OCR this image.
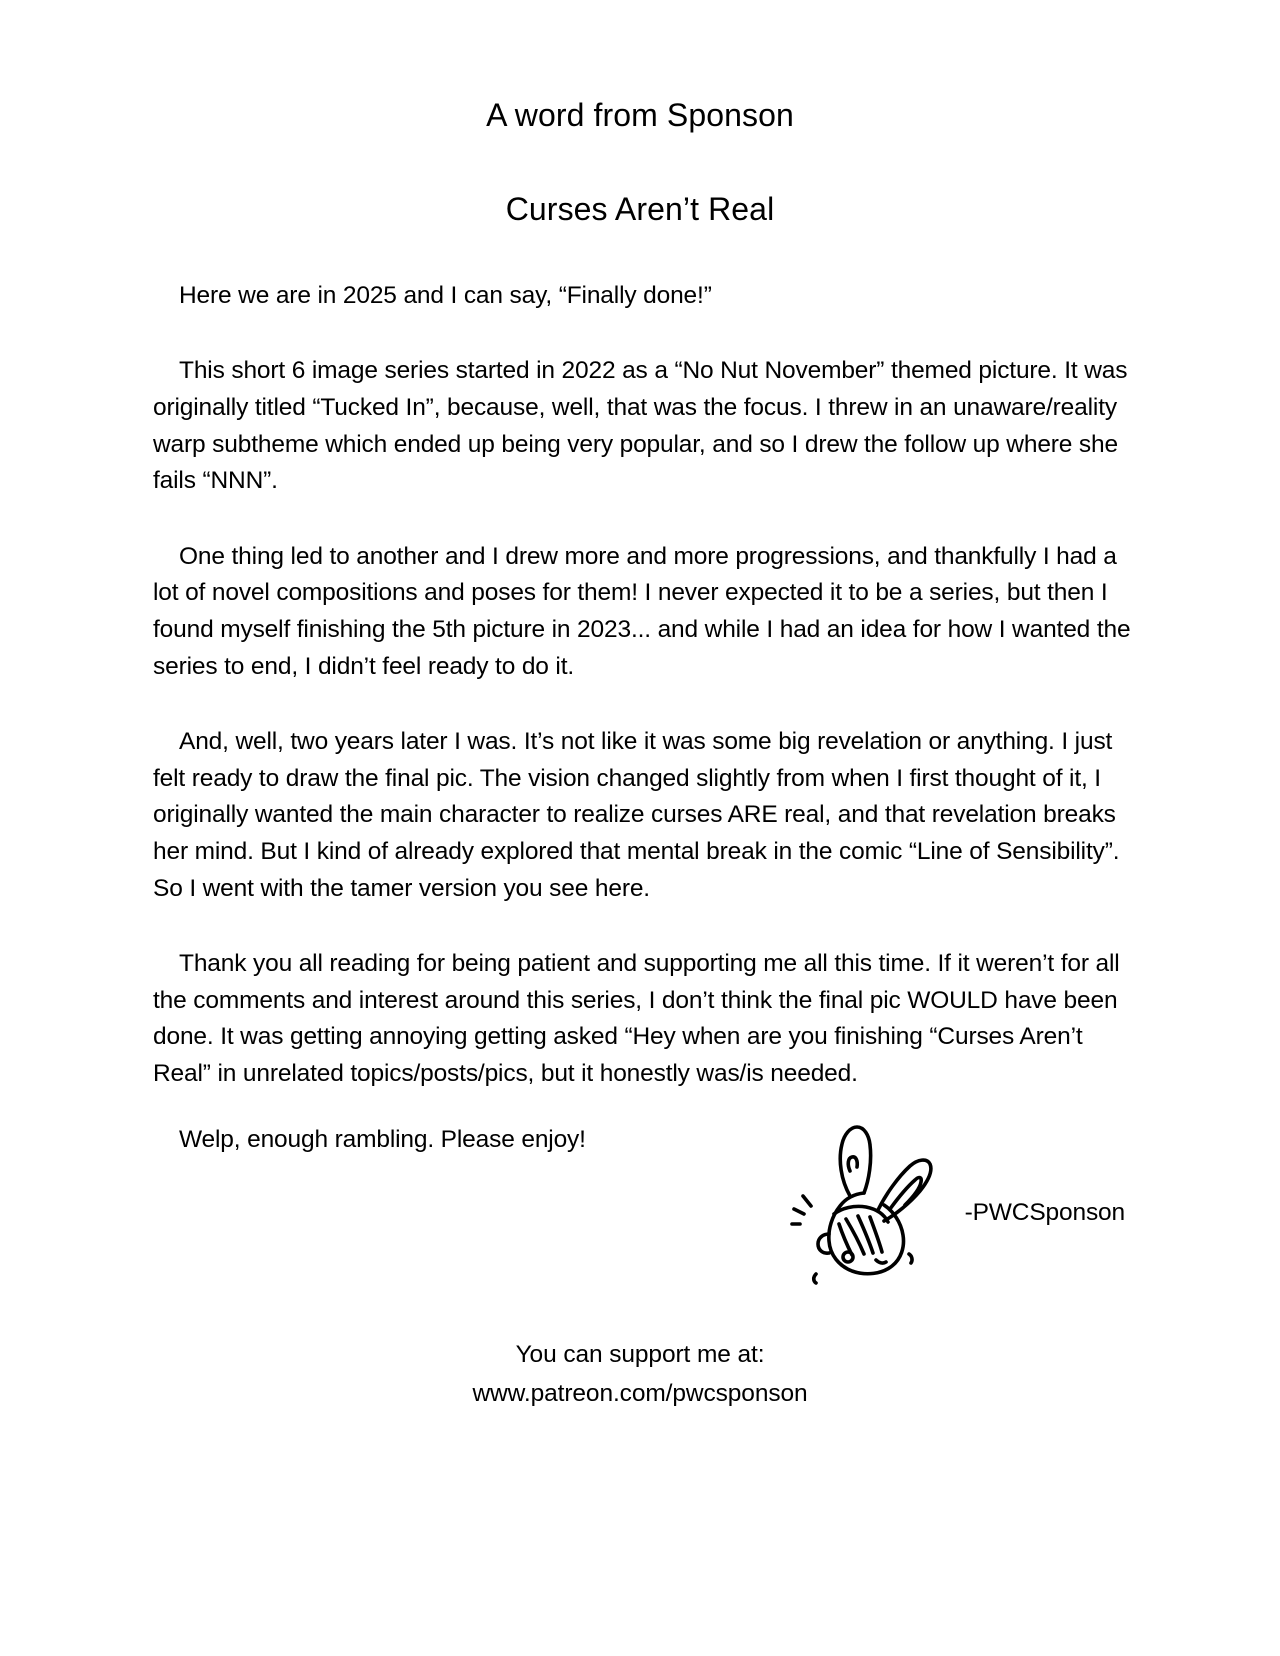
A word from Sponson
Curses Aren’t Real

Here we are in 2025 and I can say, “Finally done!”

This short 6 image series started in 2022 as a “No Nut November” themed picture. It was originally titled “Tucked In”, because, well, that was the focus. I threw in an unaware/reality warp subtheme which ended up being very popular, and so I drew the follow up where she fails “NNN”.

One thing led to another and I drew more and more progressions, and thankfully I had a lot of novel compositions and poses for them! I never expected it to be a series, but then I found myself finishing the 5th picture in 2023... and while I had an idea for how I wanted the series to end, I didn’t feel ready to do it.

And, well, two years later I was. It’s not like it was some big revelation or anything. I just felt ready to draw the final pic. The vision changed slightly from when I first thought of it, I originally wanted the main character to realize curses ARE real, and that revelation breaks her mind. But I kind of already explored that mental break in the comic “Line of Sensibility”. So I went with the tamer version you see here.

Thank you all reading for being patient and supporting me all this time. If it weren’t for all the comments and interest around this series, I don’t think the final pic WOULD have been done. It was getting annoying getting asked “Hey when are you finishing “Curses Aren’t Real” in unrelated topics/posts/pics, but it honestly was/is needed.

Welp, enough rambling. Please enjoy!

-PWCSponson
You can support me at:
www.patreon.com/pwcsponson
